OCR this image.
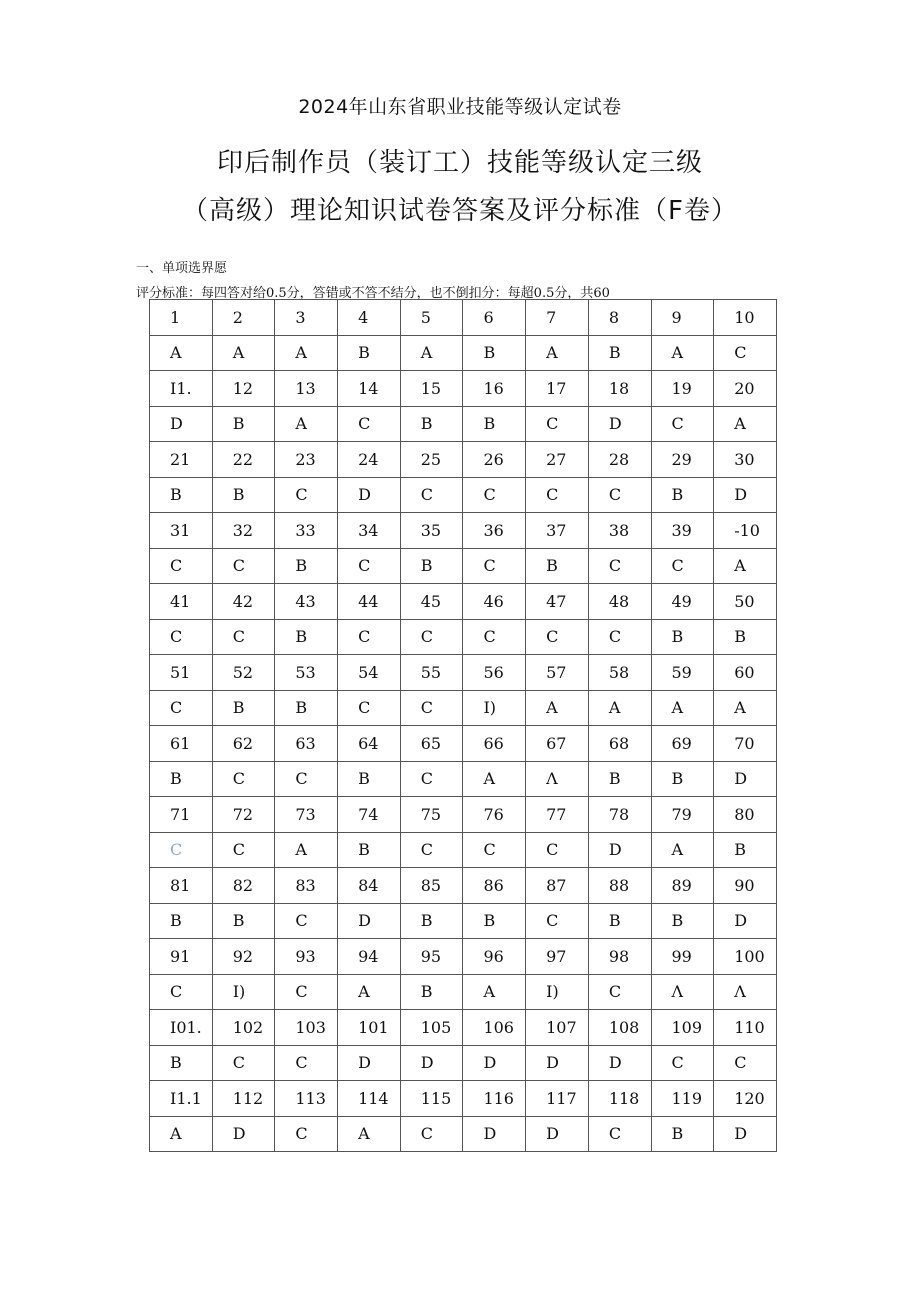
2024年山东省职业技能等级认定试卷
印后制作员（装订工）技能等级认定三级
（高级）理论知识试卷答案及评分标准（F卷）
一、单项选界愿
评分标准：每四答对给0.5分，答错或不答不结分，也不倒扣分：每超0.5分，共60
1	2	3	4	5	6	7	8	9	10
A	A	A	B	A	B	A	B	A	C
I1.	12	13	14	15	16	17	18	19	20
D	B	A	C	B	B	C	D	C	A
21	22	23	24	25	26	27	28	29	30
B	B	C	D	C	C	C	C	B	D
31	32	33	34	35	36	37	38	39	-10
C	C	B	C	B	C	B	C	C	A
41	42	43	44	45	46	47	48	49	50
C	C	B	C	C	C	C	C	B	B
51	52	53	54	55	56	57	58	59	60
C	B	B	C	C	I)	A	A	A	A
61	62	63	64	65	66	67	68	69	70
B	C	C	B	C	A	Λ	B	B	D
71	72	73	74	75	76	77	78	79	80
C	C	A	B	C	C	C	D	A	B
81	82	83	84	85	86	87	88	89	90
B	B	C	D	B	B	C	B	B	D
91	92	93	94	95	96	97	98	99	100
C	I)	C	A	B	A	I)	C	Λ	Λ
I01.	102	103	101	105	106	107	108	109	110
B	C	C	D	D	D	D	D	C	C
I1.1	112	113	114	115	116	117	118	119	120
A	D	C	A	C	D	D	C	B	D
